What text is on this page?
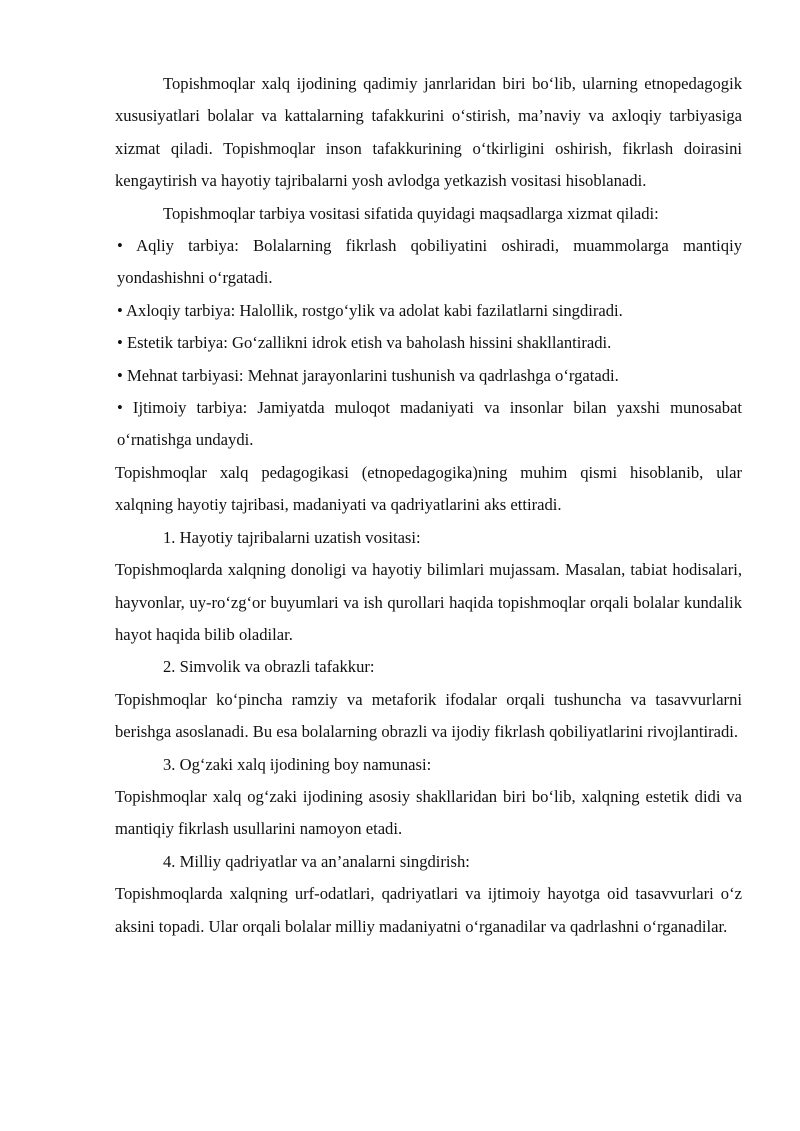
Topishmoqlar xalq ijodining qadimiy janrlaridan biri bo‘lib, ularning etnopedagogik xususiyatlari bolalar va kattalarning tafakkurini o‘stirish, ma’naviy va axloqiy tarbiyasiga xizmat qiladi. Topishmoqlar inson tafakkurining o‘tkirligini oshirish, fikrlash doirasini kengaytirish va hayotiy tajribalarni yosh avlodga yetkazish vositasi hisoblanadi.

Topishmoqlar tarbiya vositasi sifatida quyidagi maqsadlarga xizmat qiladi:

• Aqliy tarbiya: Bolalarning fikrlash qobiliyatini oshiradi, muammolarga mantiqiy yondashishni o‘rgatadi.

• Axloqiy tarbiya: Halollik, rostgo‘ylik va adolat kabi fazilatlarni singdiradi.

• Estetik tarbiya: Go‘zallikni idrok etish va baholash hissini shakllantiradi.

• Mehnat tarbiyasi: Mehnat jarayonlarini tushunish va qadrlashga o‘rgatadi.

• Ijtimoiy tarbiya: Jamiyatda muloqot madaniyati va insonlar bilan yaxshi munosabat o‘rnatishga undaydi.

Topishmoqlar xalq pedagogikasi (etnopedagogika)ning muhim qismi hisoblanib, ular xalqning hayotiy tajribasi, madaniyati va qadriyatlarini aks ettiradi.

1. Hayotiy tajribalarni uzatish vositasi:

Topishmoqlarda xalqning donoligi va hayotiy bilimlari mujassam. Masalan, tabiat hodisalari, hayvonlar, uy-ro‘zg‘or buyumlari va ish qurollari haqida topishmoqlar orqali bolalar kundalik hayot haqida bilib oladilar.

2. Simvolik va obrazli tafakkur:

Topishmoqlar ko‘pincha ramziy va metaforik ifodalar orqali tushuncha va tasavvurlarni berishga asoslanadi. Bu esa bolalarning obrazli va ijodiy fikrlash qobiliyatlarini rivojlantiradi.

3. Og‘zaki xalq ijodining boy namunasi:

Topishmoqlar xalq og‘zaki ijodining asosiy shakllaridan biri bo‘lib, xalqning estetik didi va mantiqiy fikrlash usullarini namoyon etadi.

4. Milliy qadriyatlar va an’analarni singdirish:

Topishmoqlarda xalqning urf-odatlari, qadriyatlari va ijtimoiy hayotga oid tasavvurlari o‘z aksini topadi. Ular orqali bolalar milliy madaniyatni o‘rganadilar va qadrlashni o‘rganadilar.
